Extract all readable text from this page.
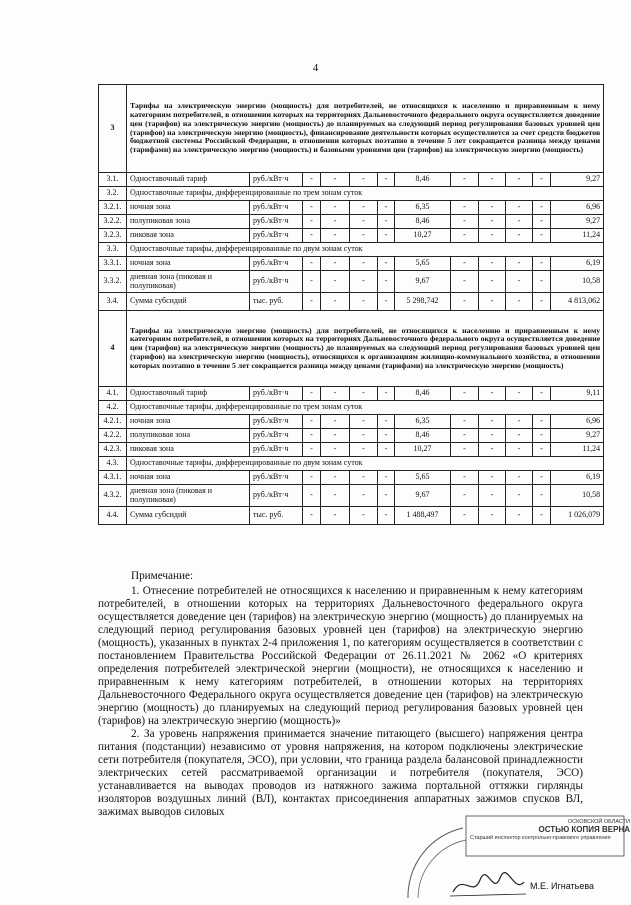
4
3	Тарифы на электрическую энергию (мощность) для потребителей, не относящихся к населению и приравненным к нему категориям потребителей, в отношении которых на территориях Дальневосточного федерального округа осуществляется доведение цен (тарифов) на электрическую энергию (мощность) до планируемых на следующий период регулирования базовых уровней цен (тарифов) на электрическую энергию (мощность), финансирование деятельности которых осуществляется за счет средств бюджетов бюджетной системы Российской Федерации, в отношении которых поэтапно в течение 5 лет сокращается разница между ценами (тарифами) на электрическую энергию (мощность) и базовыми уровнями цен (тарифов) на электрическую энергию (мощность)											
3.1.	Одноставочный тариф	руб./кВт·ч	-	-	-	-	8,46	-	-	-	-	9,27
3.2.	Одноставочные тарифы, дифференцированные по трем зонам суток											
3.2.1.	ночная зона	руб./кВт·ч	-	-	-	-	6,35	-	-	-	-	6,96
3.2.2.	полупиковая зона	руб./кВт·ч	-	-	-	-	8,46	-	-	-	-	9,27
3.2.3.	пиковая зона	руб./кВт·ч	-	-	-	-	10,27	-	-	-	-	11,24
3.3.	Одноставочные тарифы, дифференцированные по двум зонам суток											
3.3.1.	ночная зона	руб./кВт·ч	-	-	-	-	5,65	-	-	-	-	6,19
3.3.2.	дневная зона (пиковая и полупиковая)	руб./кВт·ч	-	-	-	-	9,67	-	-	-	-	10,58
3.4.	Сумма субсидий	тыс. руб.	-	-	-	-	5 298,742	-	-	-	-	4 813,062
4	Тарифы на электрическую энергию (мощность) для потребителей, не относящихся к населению и приравненным к нему категориям потребителей, в отношении которых на территориях Дальневосточного федерального округа осуществляется доведение цен (тарифов) на электрическую энергию (мощность) до планируемых на следующий период регулирования базовых уровней цен (тарифов) на электрическую энергию (мощность), относящихся к организациям жилищно-коммунального хозяйства, в отношении которых поэтапно в течение 5 лет сокращается разница между ценами (тарифами) на электрическую энергию (мощность)											
4.1.	Одноставочный тариф	руб./кВт·ч	-	-	-	-	8,46	-	-	-	-	9,11
4.2.	Одноставочные тарифы, дифференцированные по трем зонам суток											
4.2.1.	ночная зона	руб./кВт·ч	-	-	-	-	6,35	-	-	-	-	6,96
4.2.2.	полупиковая зона	руб./кВт·ч	-	-	-	-	8,46	-	-	-	-	9,27
4.2.3.	пиковая зона	руб./кВт·ч	-	-	-	-	10,27	-	-	-	-	11,24
4.3.	Одноставочные тарифы, дифференцированные по двум зонам суток											
4.3.1.	ночная зона	руб./кВт·ч	-	-	-	-	5,65	-	-	-	-	6,19
4.3.2.	дневная зона (пиковая и полупиковая)	руб./кВт·ч	-	-	-	-	9,67	-	-	-	-	10,58
4.4.	Сумма субсидий	тыс. руб.	-	-	-	-	1 488,497	-	-	-	-	1 026,079

Примечание:

1. Отнесение потребителей не относящихся к населению и приравненным к нему категориям потребителей, в отношении которых на территориях Дальневосточного федерального округа осуществляется доведение цен (тарифов) на электрическую энергию (мощность) до планируемых на следующий период регулирования базовых уровней цен (тарифов) на электрическую энергию (мощность), указанных в пунктах 2-4 приложения 1, по категориям осуществляется в соответствии с постановлением Правительства Российской Федерации от 26.11.2021 № 2062 «О критериях определения потребителей электрической энергии (мощности), не относящихся к населению и приравненным к нему категориям потребителей, в отношении которых на территориях Дальневосточного Федерального округа осуществляется доведение цен (тарифов) на электрическую энергию (мощность) до планируемых на следующий период регулирования базовых уровней цен (тарифов) на электрическую энергию (мощность)»

2. За уровень напряжения принимается значение питающего (высшего) напряжения центра питания (подстанции) независимо от уровня напряжения, на котором подключены электрические сети потребителя (покупателя, ЭСО), при условии, что граница раздела балансовой принадлежности электрических сетей рассматриваемой организации и потребителя (покупателя, ЭСО) устанавливается на выводах проводов из натяжного зажима портальной оттяжки гирлянды изоляторов воздушных линий (ВЛ), контактах присоединения аппаратных зажимов спусков ВЛ, зажимах выводов силовых

ОСКОВСКОЙ ОБЛАСТИ
ОСТЬЮ КОПИЯ ВЕРНА
Старший инспектор контрольно-правового управления
М.Е. Игнатьева
